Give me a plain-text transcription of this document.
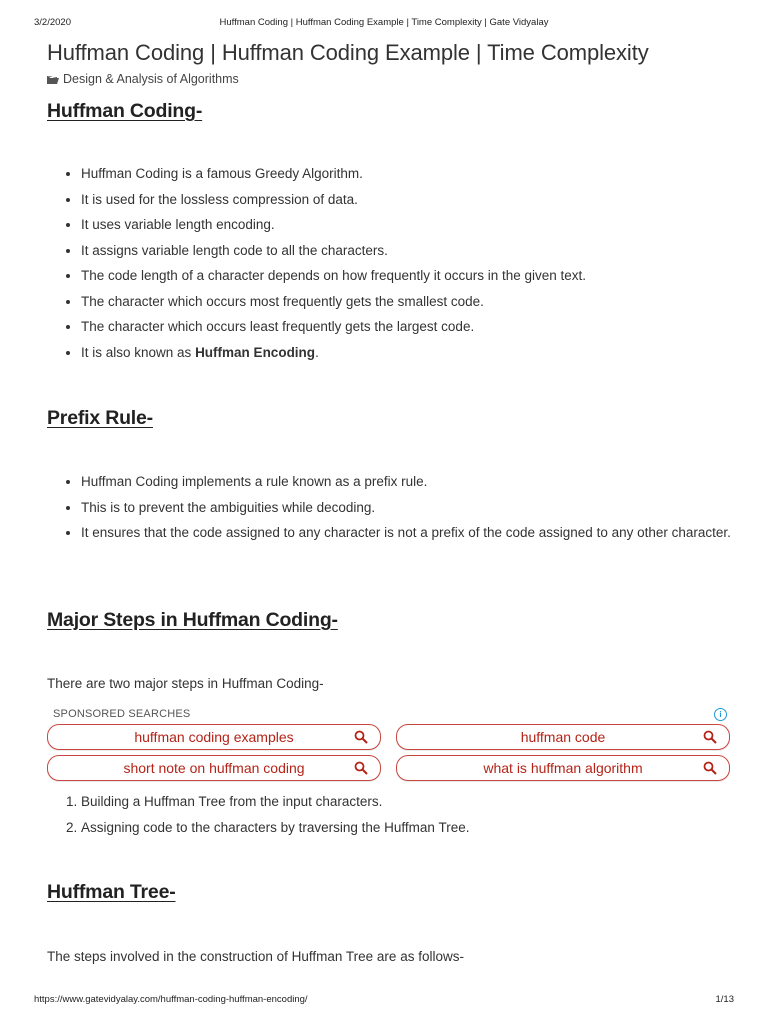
3/2/2020	Huffman Coding | Huffman Coding Example | Time Complexity | Gate Vidyalay
Huffman Coding | Huffman Coding Example | Time Complexity
Design & Analysis of Algorithms
Huffman Coding-
• Huffman Coding is a famous Greedy Algorithm.
• It is used for the lossless compression of data.
• It uses variable length encoding.
• It assigns variable length code to all the characters.
• The code length of a character depends on how frequently it occurs in the given text.
• The character which occurs most frequently gets the smallest code.
• The character which occurs least frequently gets the largest code.
• It is also known as Huffman Encoding.
Prefix Rule-
• Huffman Coding implements a rule known as a prefix rule.
• This is to prevent the ambiguities while decoding.
• It ensures that the code assigned to any character is not a prefix of the code assigned to any other character.
Major Steps in Huffman Coding-

There are two major steps in Huffman Coding-

SPONSORED SEARCHES	i
huffman coding examples	huffman code
short note on huffman coding	what is huffman algorithm
1. Building a Huffman Tree from the input characters.
2. Assigning code to the characters by traversing the Huffman Tree.
Huffman Tree-

The steps involved in the construction of Huffman Tree are as follows-

https://www.gatevidyalay.com/huffman-coding-huffman-encoding/	1/13
